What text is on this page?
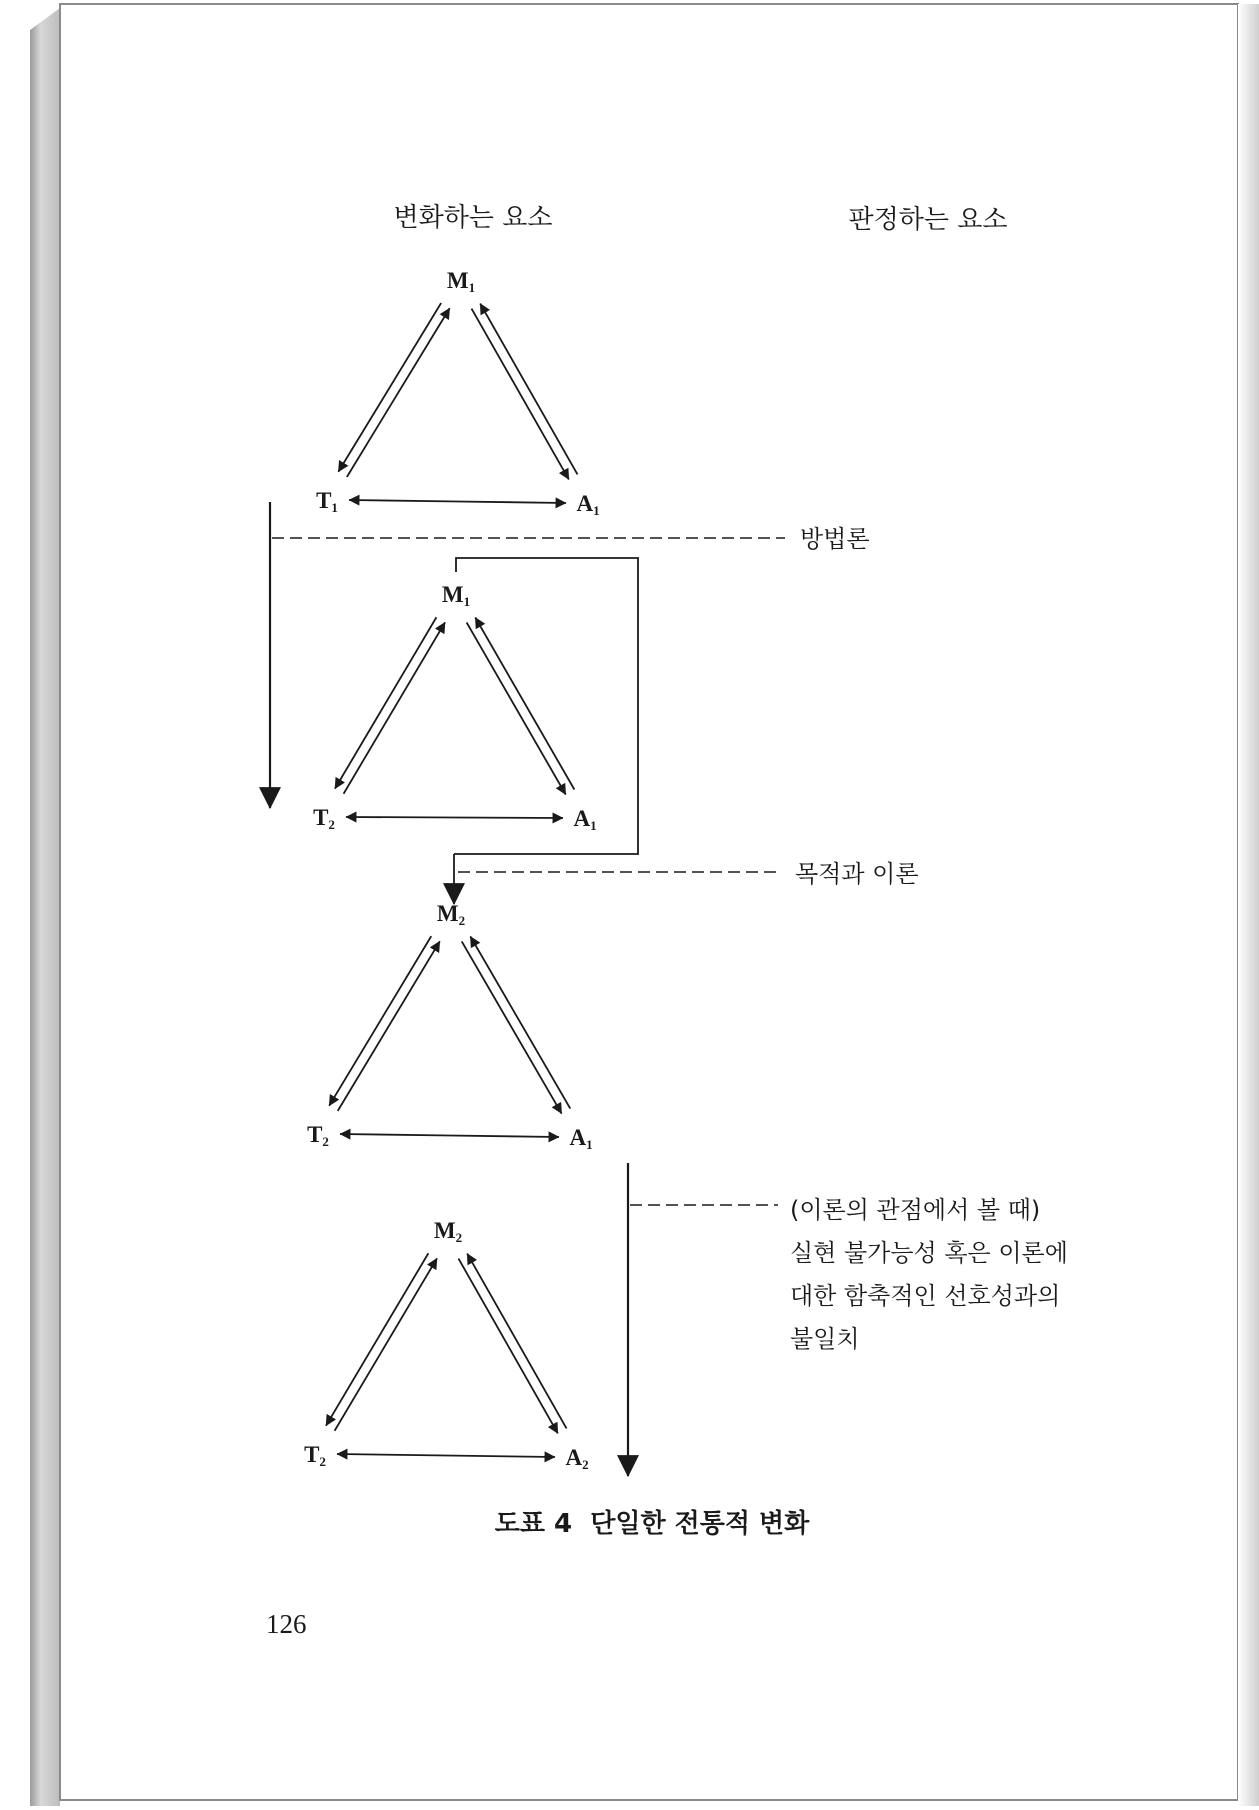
변화하는 요소	판정하는 요소
$M_1$
$T_1$	$A_1$
$M_1$
$T_2$	$A_1$
$M_2$
$T_2$	$A_1$
$M_2$
$T_2$	$A_2$
방법론
목적과 이론
(이론의 관점에서 볼 때)
실현 불가능성 혹은 이론에
대한 함축적인 선호성과의
불일치
도표 4  단일한 전통적 변화
126
